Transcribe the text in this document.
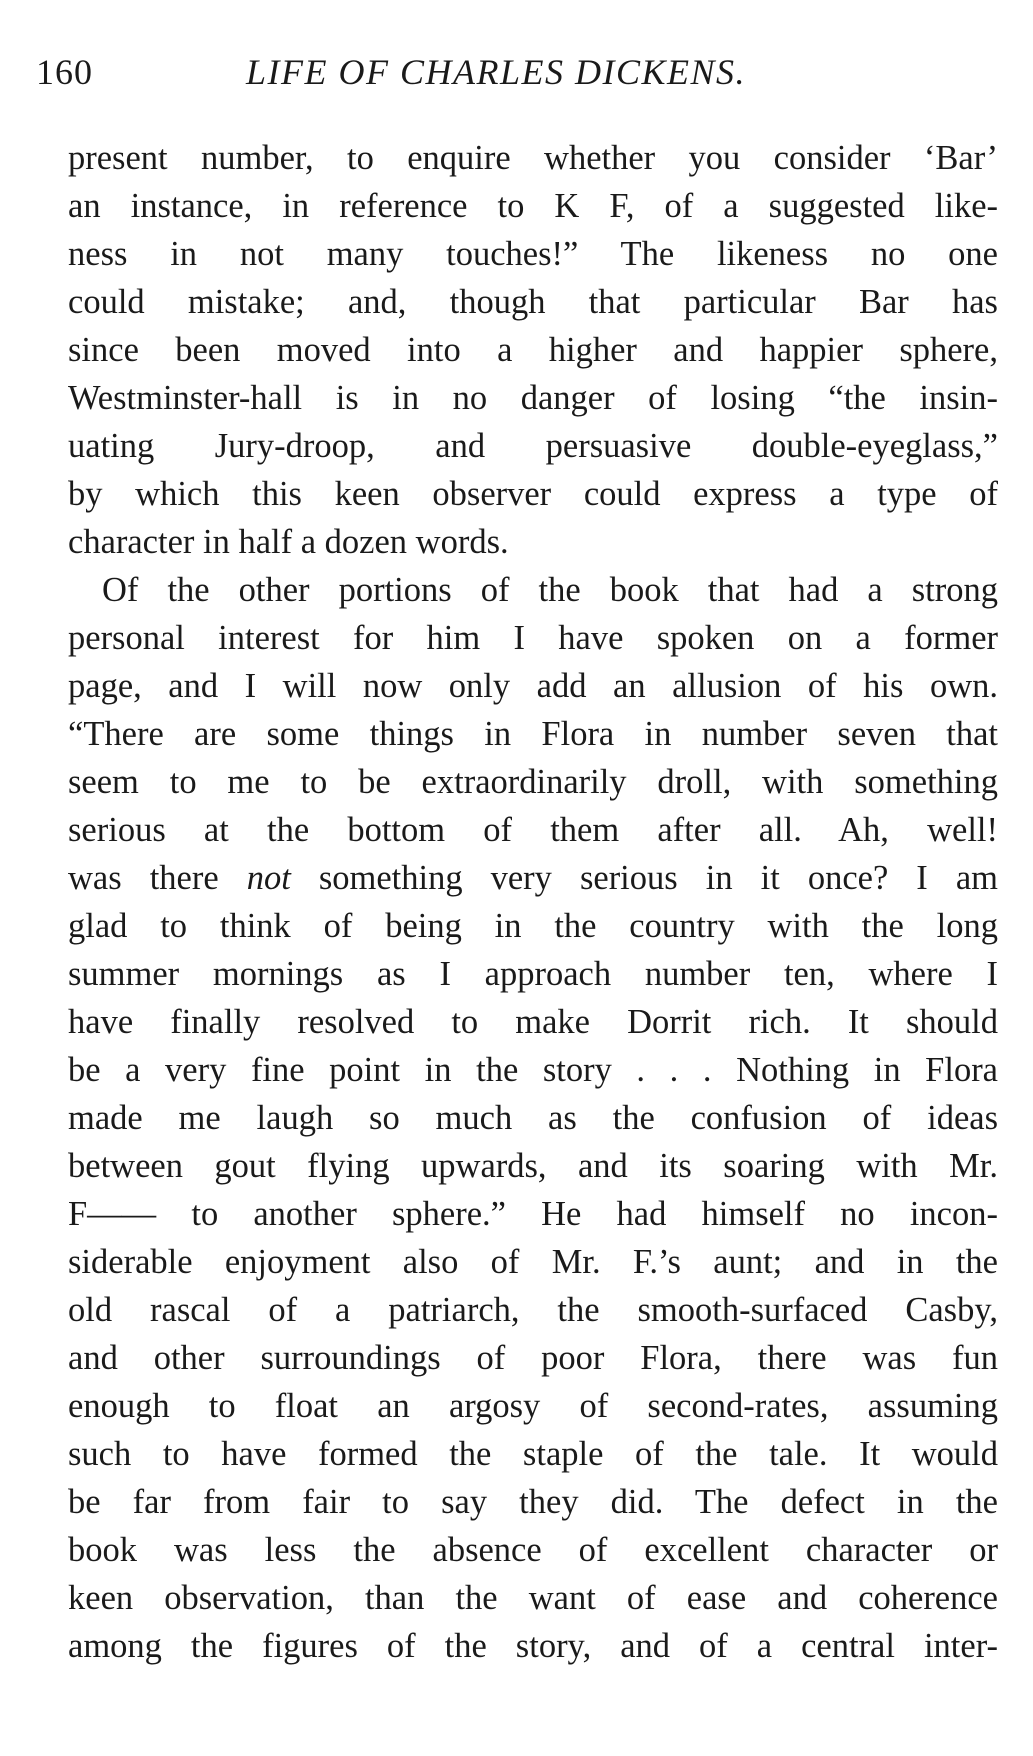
160	LIFE OF CHARLES DICKENS.
present number, to enquire whether you consider ‘Bar’
an instance, in reference to K F, of a suggested like-
ness in not many touches!” The likeness no one
could mistake; and, though that particular Bar has
since been moved into a higher and happier sphere,
Westminster-hall is in no danger of losing “the insin-
uating Jury-droop, and persuasive double-eyeglass,”
by which this keen observer could express a type of
character in half a dozen words.
Of the other portions of the book that had a strong
personal interest for him I have spoken on a former
page, and I will now only add an allusion of his own.
“There are some things in Flora in number seven that
seem to me to be extraordinarily droll, with something
serious at the bottom of them after all. Ah, well!
was there not something very serious in it once? I am
glad to think of being in the country with the long
summer mornings as I approach number ten, where I
have finally resolved to make Dorrit rich. It should
be a very fine point in the story . . . Nothing in Flora
made me laugh so much as the confusion of ideas
between gout flying upwards, and its soaring with Mr.
F—— to another sphere.” He had himself no incon-
siderable enjoyment also of Mr. F.’s aunt; and in the
old rascal of a patriarch, the smooth-surfaced Casby,
and other surroundings of poor Flora, there was fun
enough to float an argosy of second-rates, assuming
such to have formed the staple of the tale. It would
be far from fair to say they did. The defect in the
book was less the absence of excellent character or
keen observation, than the want of ease and coherence
among the figures of the story, and of a central inter-
